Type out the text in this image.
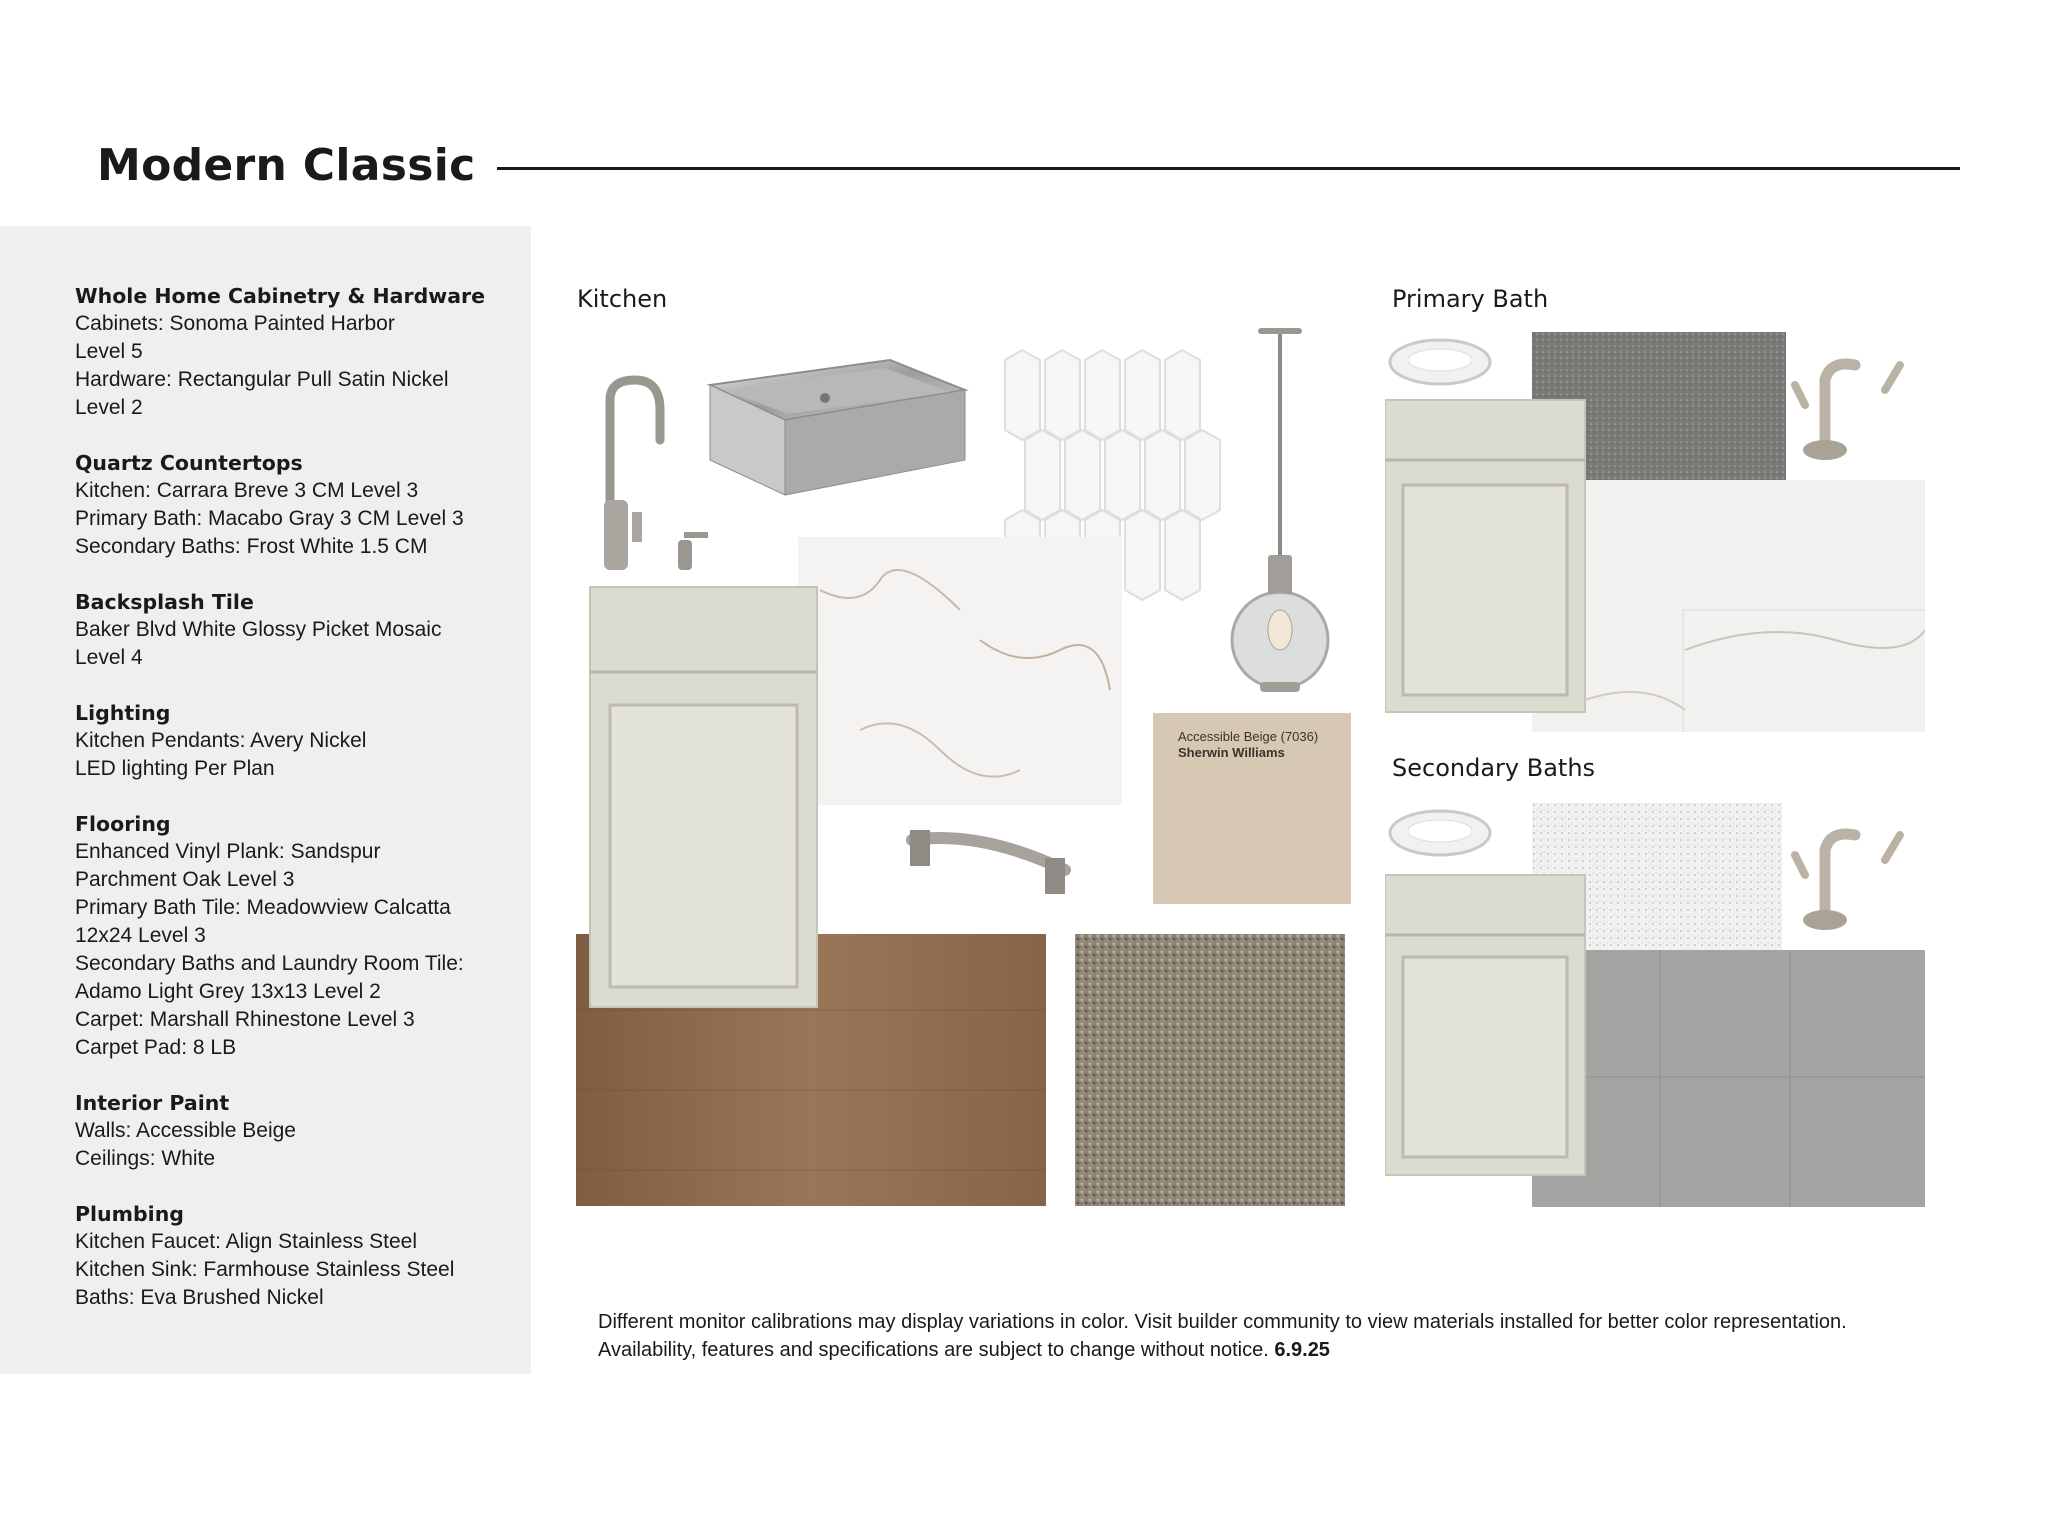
Modern Classic
Whole Home Cabinetry & Hardware
Cabinets: Sonoma Painted Harbor
Level 5
Hardware: Rectangular Pull Satin Nickel
Level 2
Quartz Countertops
Kitchen: Carrara Breve 3 CM Level 3
Primary Bath: Macabo Gray 3 CM Level 3
Secondary Baths: Frost White 1.5 CM
Backsplash Tile
Baker Blvd White Glossy Picket Mosaic
Level 4
Lighting
Kitchen Pendants: Avery Nickel
LED lighting Per Plan
Flooring
Enhanced Vinyl Plank: Sandspur
Parchment Oak Level 3
Primary Bath Tile: Meadowview Calcatta
12x24 Level 3
Secondary Baths and Laundry Room Tile:
Adamo Light Grey 13x13 Level 2
Carpet: Marshall Rhinestone Level 3
Carpet Pad: 8 LB
Interior Paint
Walls: Accessible Beige
Ceilings: White
Plumbing
Kitchen Faucet: Align Stainless Steel
Kitchen Sink: Farmhouse Stainless Steel
Baths: Eva Brushed Nickel
Kitchen	Primary Bath
Secondary Baths
Accessible Beige (7036)
Sherwin Williams
Different monitor calibrations may display variations in color. Visit builder community to view materials installed for better color representation. Availability, features and specifications are subject to change without notice. 6.9.25
